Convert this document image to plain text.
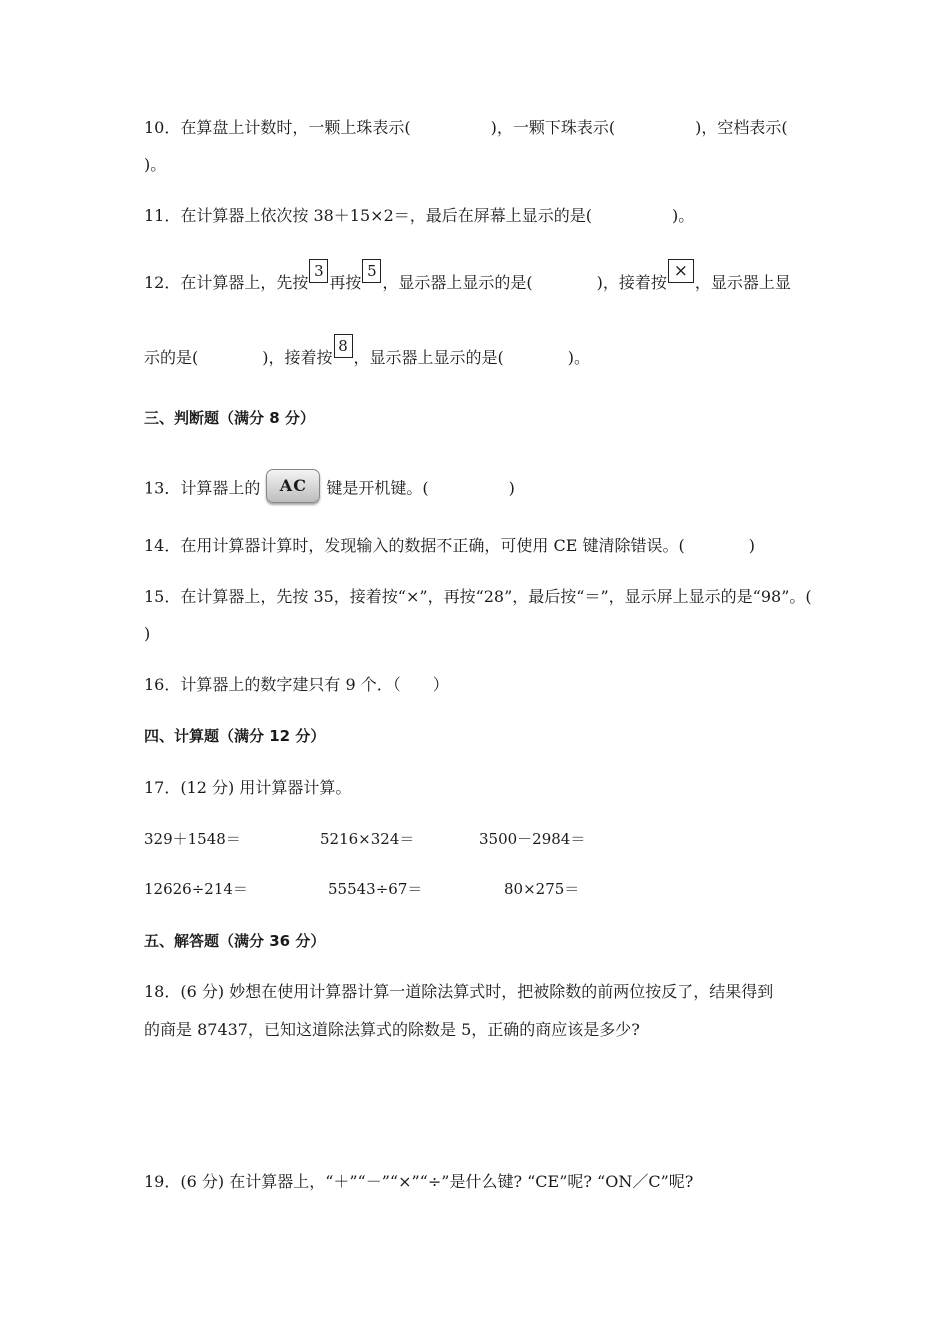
10．在算盘上计数时，一颗上珠表示(　　　　　)，一颗下珠表示(　　　　　)，空档表示(
)。
11．在计算器上依次按 38＋15×2＝，最后在屏幕上显示的是(　　　　　)。
12．在计算器上，先按3再按5，显示器上显示的是(　　　　)，接着按×，显示器上显
示的是(　　　　)，接着按8，显示器上显示的是(　　　　)。
三、判断题（满分 8 分）
13．计算器上的 AC 键是开机键。(　　　　　)
14．在用计算器计算时，发现输入的数据不正确，可使用 CE 键清除错误。(　　　　)
15．在计算器上，先按 35，接着按“×”，再按“28”，最后按“＝”，显示屏上显示的是“98”。(
)
16．计算器上的数字建只有 9 个．（　　）
四、计算题（满分 12 分）
17．(12 分) 用计算器计算。
329＋1548＝	5216×324＝	3500－2984＝
12626÷214＝	55543÷67＝	80×275＝
五、解答题（满分 36 分）
18．(6 分) 妙想在使用计算器计算一道除法算式时，把被除数的前两位按反了，结果得到
的商是 87437，已知这道除法算式的除数是 5，正确的商应该是多少?
19．(6 分) 在计算器上，“＋”“－”“×”“÷”是什么键? “CE”呢? “ON／C”呢?
